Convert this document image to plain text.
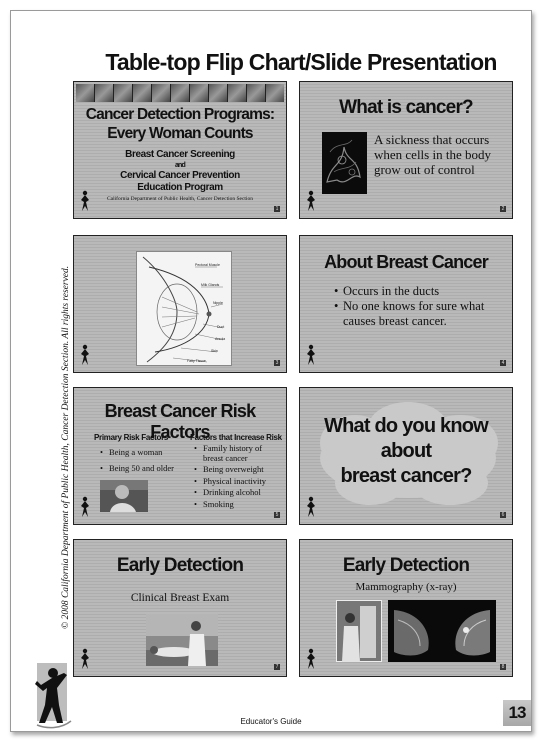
Table-top Flip Chart/Slide Presentation
© 2008 California Department of Public Health, Cancer Detection Section. All rights reserved.
Cancer Detection Programs:
Every Woman Counts
Breast Cancer Screening
and
Cervical Cancer Prevention
Education Program
California Department of Public Health, Cancer Detection Section
1
What is cancer?
A sickness that occurs when cells in the body grow out of control
2
Pectoral Muscle
Milk Glands
Nipple
Duct
Areola
Skin
Fatty Tissue	3
About Breast Cancer
• Occurs in the ducts
• No one knows for sure what causes breast cancer.
4
Breast Cancer Risk Factors
Primary Risk Factors
• Being a woman
• Being 50 and older
Factors that Increase Risk
• Family history of breast cancer
• Being overweight
• Physical inactivity
• Drinking alcohol
• Smoking
5
What do you know
about
breast cancer?
6
Early Detection
Clinical Breast Exam
7
Early Detection
Mammography (x-ray)
8
Educator's Guide	13
